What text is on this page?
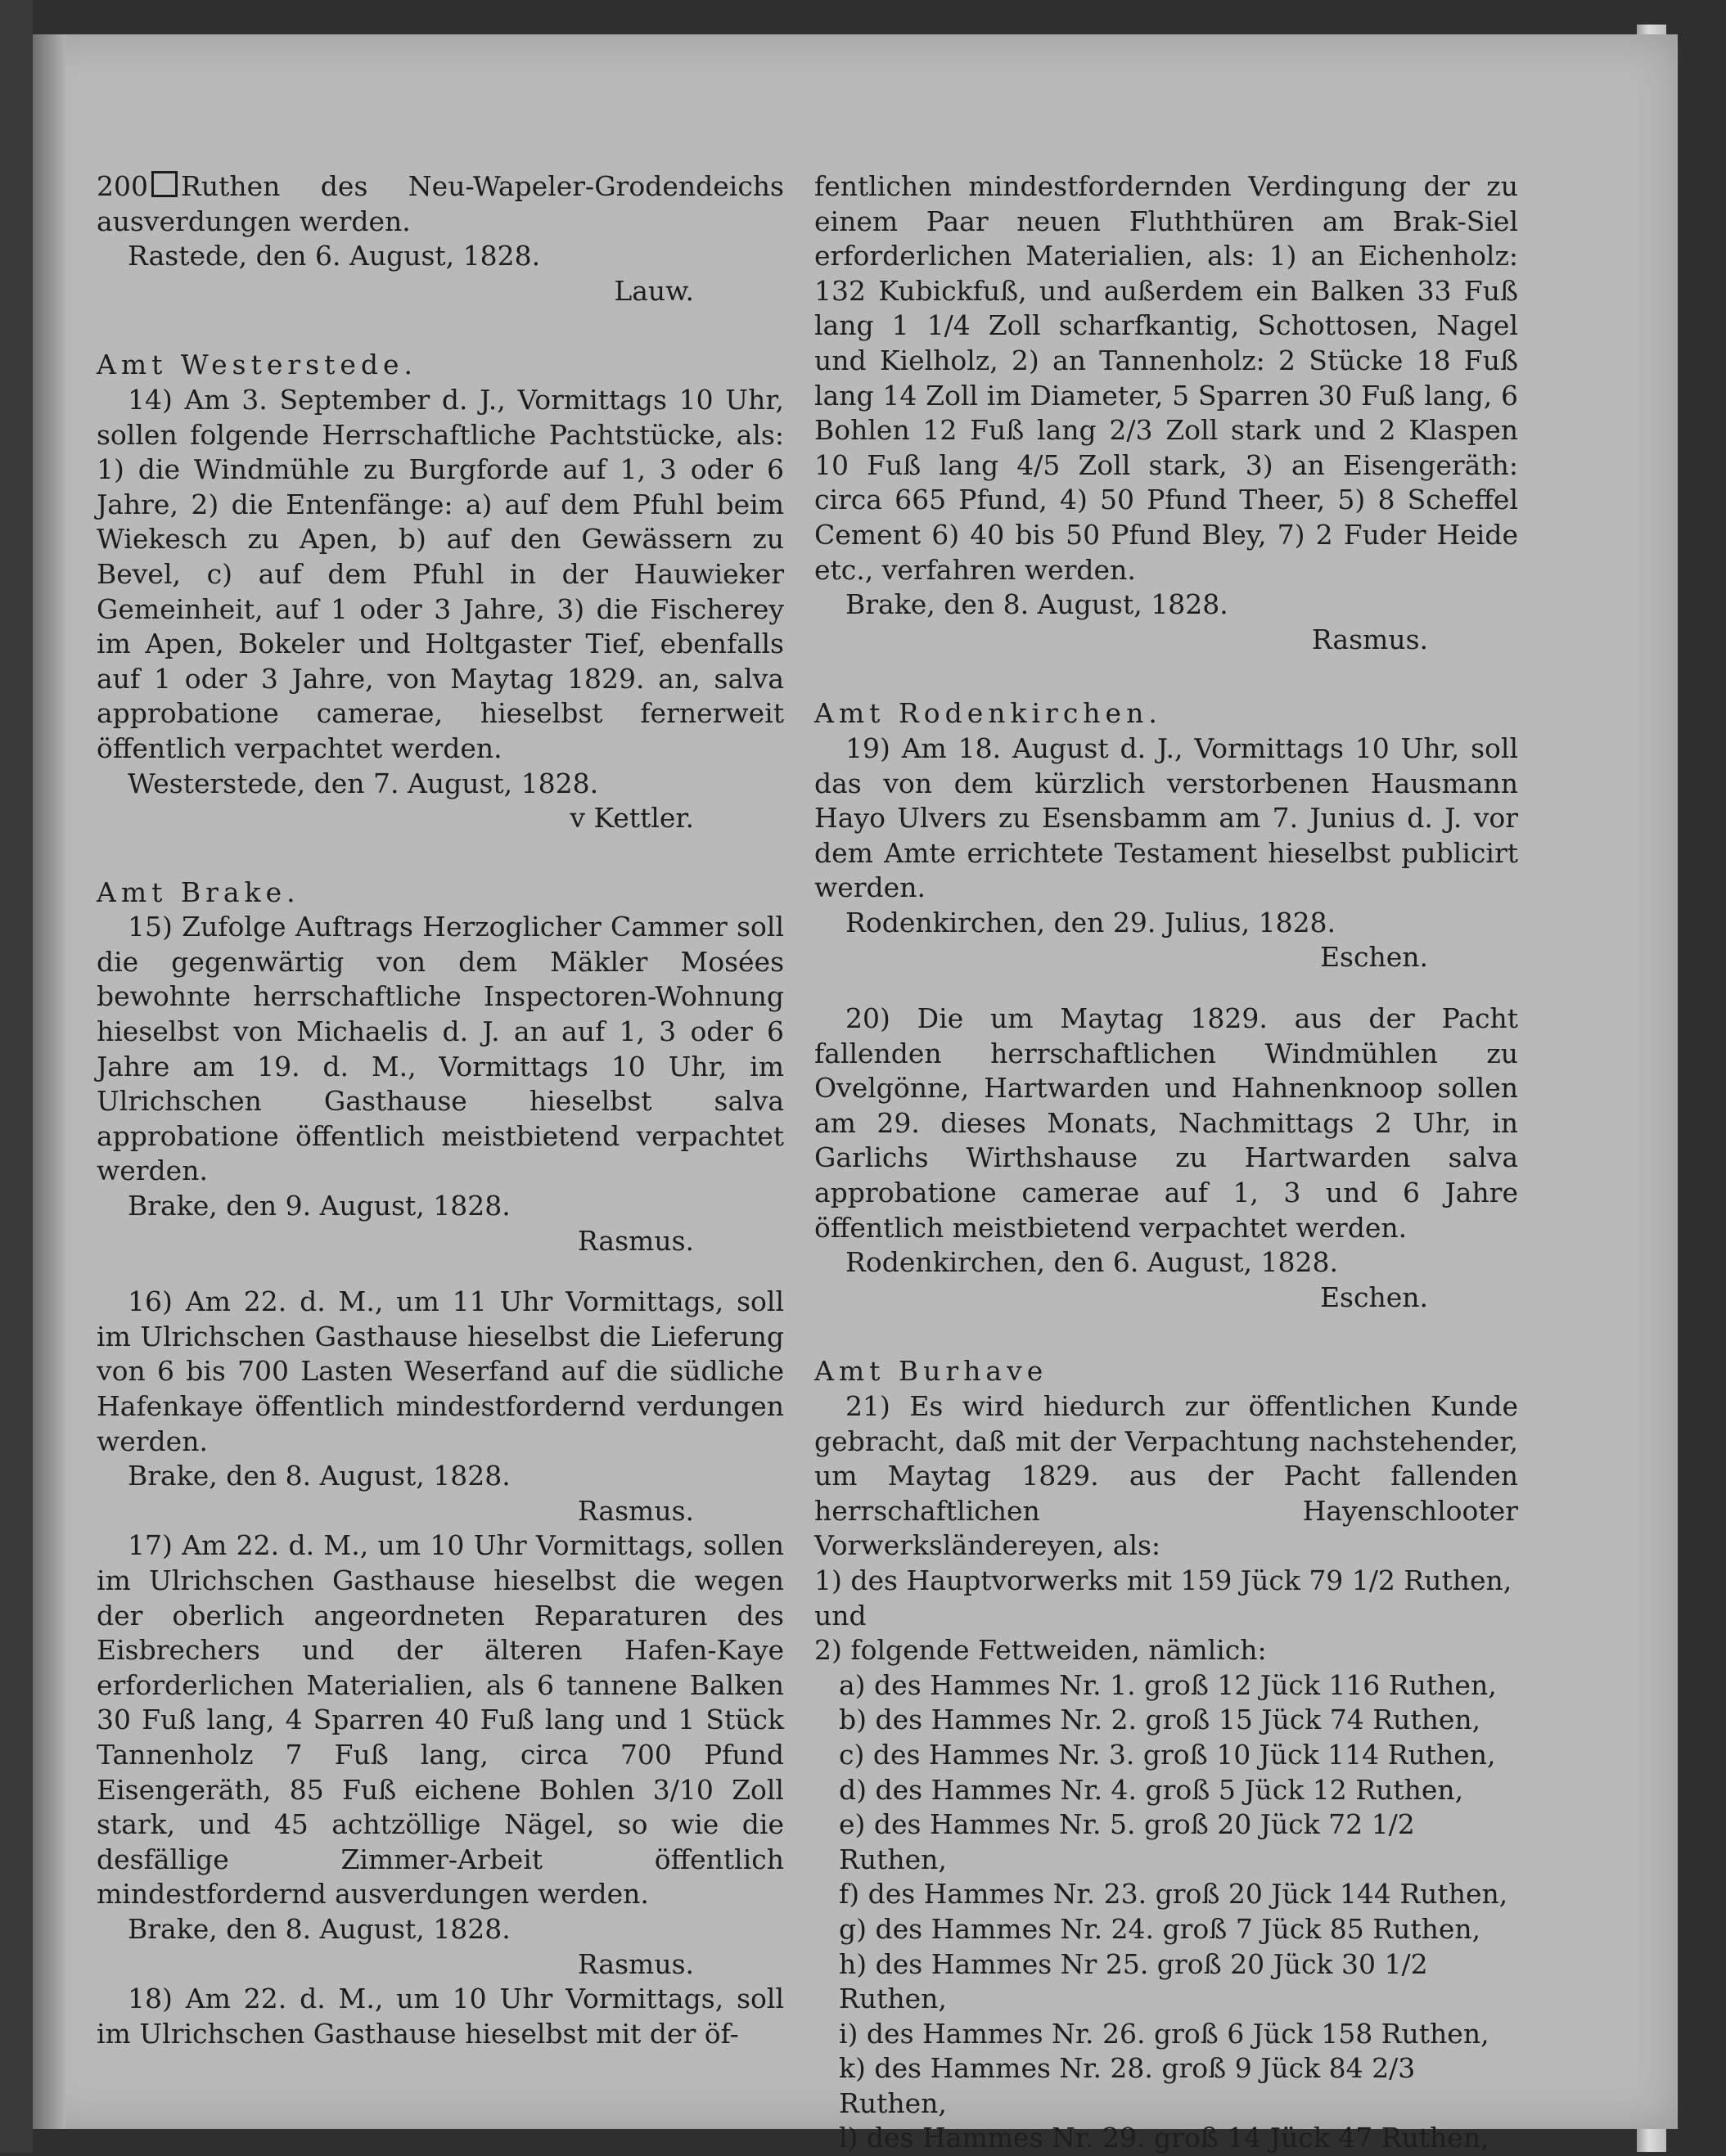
200 Ruthen des Neu-Wapeler-Grodendeichs ausverdungen werden.

Rastede, den 6. August, 1828.

Lauw.

Amt Westerstede.

14) Am 3. September d. J., Vormittags 10 Uhr, sollen folgende Herrschaftliche Pachtstücke, als: 1) die Windmühle zu Burgforde auf 1, 3 oder 6 Jahre, 2) die Entenfänge: a) auf dem Pfuhl beim Wiekesch zu Apen, b) auf den Gewässern zu Bevel, c) auf dem Pfuhl in der Hauwieker Gemeinheit, auf 1 oder 3 Jahre, 3) die Fischerey im Apen, Bokeler und Holtgaster Tief, ebenfalls auf 1 oder 3 Jahre, von Maytag 1829. an, salva approbatione camerae, hieselbst fernerweit öffentlich verpachtet werden.

Westerstede, den 7. August, 1828.

v Kettler.

Amt Brake.

15) Zufolge Auftrags Herzoglicher Cammer soll die gegenwärtig von dem Mäkler Mosées bewohnte herrschaftliche Inspectoren-Wohnung hieselbst von Michaelis d. J. an auf 1, 3 oder 6 Jahre am 19. d. M., Vormittags 10 Uhr, im Ulrichschen Gasthause hieselbst salva approbatione öffentlich meistbietend verpachtet werden.

Brake, den 9. August, 1828.

Rasmus.

16) Am 22. d. M., um 11 Uhr Vormittags, soll im Ulrichschen Gasthause hieselbst die Lieferung von 6 bis 700 Lasten Weserfand auf die südliche Hafenkaye öffentlich mindestfordernd verdungen werden.

Brake, den 8. August, 1828.

Rasmus.

17) Am 22. d. M., um 10 Uhr Vormittags, sollen im Ulrichschen Gasthause hieselbst die wegen der oberlich angeordneten Reparaturen des Eisbrechers und der älteren Hafen-Kaye erforderlichen Materialien, als 6 tannene Balken 30 Fuß lang, 4 Sparren 40 Fuß lang und 1 Stück Tannenholz 7 Fuß lang, circa 700 Pfund Eisengeräth, 85 Fuß eichene Bohlen 3/10 Zoll stark, und 45 achtzöllige Nägel, so wie die desfällige Zimmer-Arbeit öffentlich mindestfordernd ausverdungen werden.

Brake, den 8. August, 1828.

Rasmus.

18) Am 22. d. M., um 10 Uhr Vormittags, soll im Ulrichschen Gasthause hieselbst mit der öf-

fentlichen mindestfordernden Verdingung der zu einem Paar neuen Fluththüren am Brak-Siel erforderlichen Materialien, als: 1) an Eichenholz: 132 Kubickfuß, und außerdem ein Balken 33 Fuß lang 1 1/4 Zoll scharfkantig, Schottosen, Nagel und Kielholz, 2) an Tannenholz: 2 Stücke 18 Fuß lang 14 Zoll im Diameter, 5 Sparren 30 Fuß lang, 6 Bohlen 12 Fuß lang 2/3 Zoll stark und 2 Klaspen 10 Fuß lang 4/5 Zoll stark, 3) an Eisengeräth: circa 665 Pfund, 4) 50 Pfund Theer, 5) 8 Scheffel Cement 6) 40 bis 50 Pfund Bley, 7) 2 Fuder Heide etc., verfahren werden.

Brake, den 8. August, 1828.

Rasmus.

Amt Rodenkirchen.

19) Am 18. August d. J., Vormittags 10 Uhr, soll das von dem kürzlich verstorbenen Hausmann Hayo Ulvers zu Esensbamm am 7. Junius d. J. vor dem Amte errichtete Testament hieselbst publicirt werden.

Rodenkirchen, den 29. Julius, 1828.

Eschen.

20) Die um Maytag 1829. aus der Pacht fallenden herrschaftlichen Windmühlen zu Ovelgönne, Hartwarden und Hahnenknoop sollen am 29. dieses Monats, Nachmittags 2 Uhr, in Garlichs Wirthshause zu Hartwarden salva approbatione camerae auf 1, 3 und 6 Jahre öffentlich meistbietend verpachtet werden.

Rodenkirchen, den 6. August, 1828.

Eschen.

Amt Burhave

21) Es wird hiedurch zur öffentlichen Kunde gebracht, daß mit der Verpachtung nachstehender, um Maytag 1829. aus der Pacht fallenden herrschaftlichen Hayenschlooter Vorwerksländereyen, als:

1) des Hauptvorwerks mit 159 Jück 79 1/2 Ruthen, und

2) folgende Fettweiden, nämlich:

a) des Hammes Nr. 1. groß 12 Jück 116 Ruthen,

b) des Hammes Nr. 2. groß 15 Jück 74 Ruthen,

c) des Hammes Nr. 3. groß 10 Jück 114 Ruthen,

d) des Hammes Nr. 4. groß 5 Jück 12 Ruthen,

e) des Hammes Nr. 5. groß 20 Jück 72 1/2 Ruthen,

f) des Hammes Nr. 23. groß 20 Jück 144 Ruthen,

g) des Hammes Nr. 24. groß 7 Jück 85 Ruthen,

h) des Hammes Nr 25. groß 20 Jück 30 1/2 Ruthen,

i) des Hammes Nr. 26. groß 6 Jück 158 Ruthen,

k) des Hammes Nr. 28. groß 9 Jück 84 2/3 Ruthen,

l) des Hammes Nr. 29. groß 14 Jück 47 Ruthen,
